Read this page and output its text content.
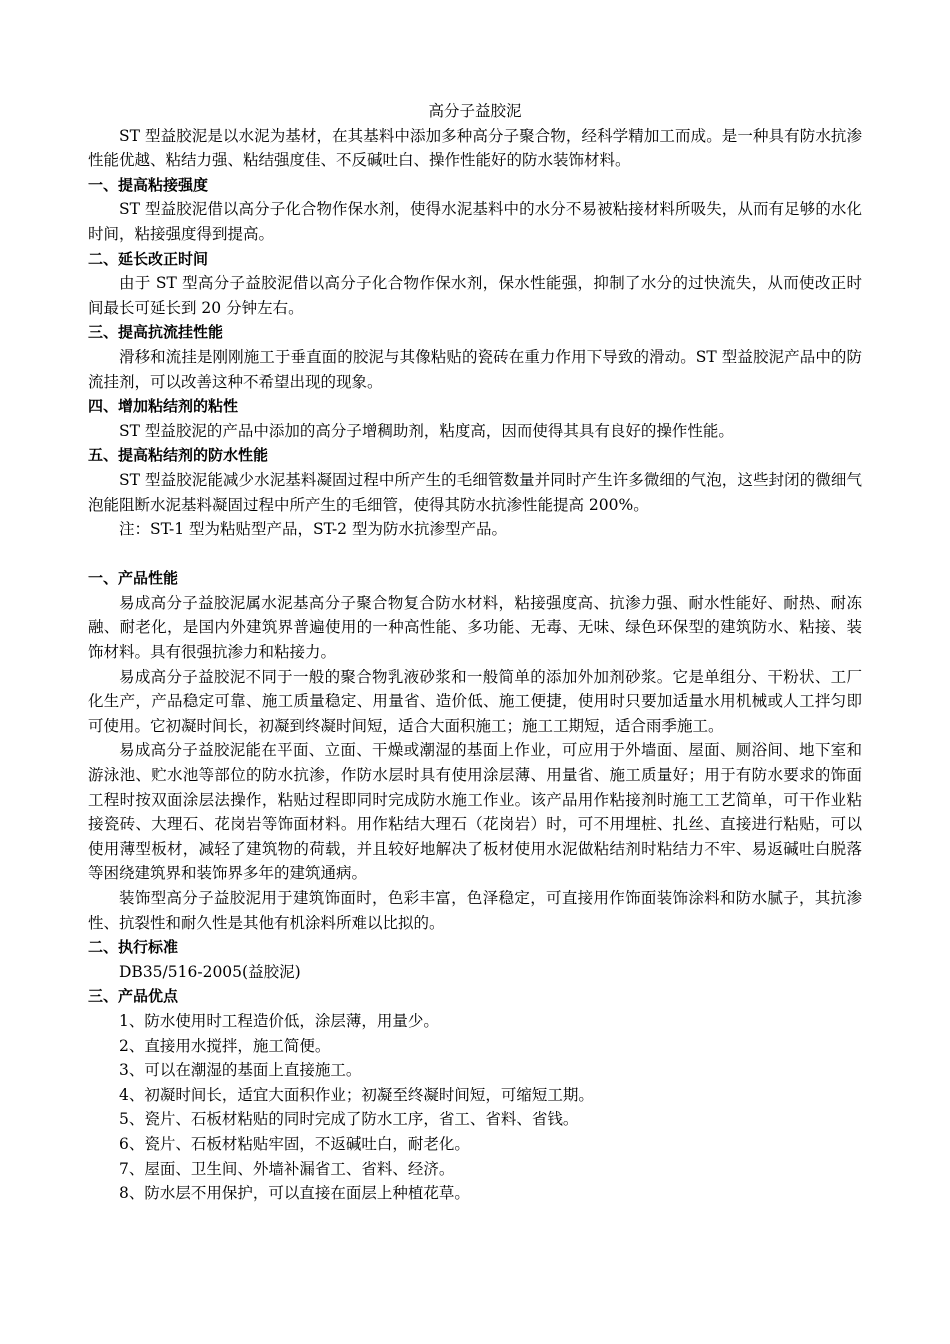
高分子益胶泥

ST 型益胶泥是以水泥为基材，在其基料中添加多种高分子聚合物，经科学精加工而成。是一种具有防水抗渗性能优越、粘结力强、粘结强度佳、不反碱吐白、操作性能好的防水装饰材料。

一、提高粘接强度

ST 型益胶泥借以高分子化合物作保水剂，使得水泥基料中的水分不易被粘接材料所吸失，从而有足够的水化时间，粘接强度得到提高。

二、延长改正时间

由于 ST 型高分子益胶泥借以高分子化合物作保水剂，保水性能强，抑制了水分的过快流失，从而使改正时间最长可延长到 20 分钟左右。

三、提高抗流挂性能

滑移和流挂是刚刚施工于垂直面的胶泥与其像粘贴的瓷砖在重力作用下导致的滑动。ST 型益胶泥产品中的防流挂剂，可以改善这种不希望出现的现象。

四、增加粘结剂的粘性

ST 型益胶泥的产品中添加的高分子增稠助剂，粘度高，因而使得其具有良好的操作性能。

五、提高粘结剂的防水性能

ST 型益胶泥能减少水泥基料凝固过程中所产生的毛细管数量并同时产生许多微细的气泡，这些封闭的微细气泡能阻断水泥基料凝固过程中所产生的毛细管，使得其防水抗渗性能提高 200%。

注：ST-1 型为粘贴型产品，ST-2 型为防水抗渗型产品。

一、产品性能

易成高分子益胶泥属水泥基高分子聚合物复合防水材料，粘接强度高、抗渗力强、耐水性能好、耐热、耐冻融、耐老化，是国内外建筑界普遍使用的一种高性能、多功能、无毒、无味、绿色环保型的建筑防水、粘接、装饰材料。具有很强抗渗力和粘接力。

易成高分子益胶泥不同于一般的聚合物乳液砂浆和一般简单的添加外加剂砂浆。它是单组分、干粉状、工厂化生产，产品稳定可靠、施工质量稳定、用量省、造价低、施工便捷，使用时只要加适量水用机械或人工拌匀即可使用。它初凝时间长，初凝到终凝时间短，适合大面积施工；施工工期短，适合雨季施工。

易成高分子益胶泥能在平面、立面、干燥或潮湿的基面上作业，可应用于外墙面、屋面、厕浴间、地下室和游泳池、贮水池等部位的防水抗渗，作防水层时具有使用涂层薄、用量省、施工质量好；用于有防水要求的饰面工程时按双面涂层法操作，粘贴过程即同时完成防水施工作业。该产品用作粘接剂时施工工艺简单，可干作业粘接瓷砖、大理石、花岗岩等饰面材料。用作粘结大理石（花岗岩）时，可不用埋桩、扎丝、直接进行粘贴，可以使用薄型板材，减轻了建筑物的荷载，并且较好地解决了板材使用水泥做粘结剂时粘结力不牢、易返碱吐白脱落等困绕建筑界和装饰界多年的建筑通病。

装饰型高分子益胶泥用于建筑饰面时，色彩丰富，色泽稳定，可直接用作饰面装饰涂料和防水腻子，其抗渗性、抗裂性和耐久性是其他有机涂料所难以比拟的。

二、执行标准

DB35/516-2005(益胶泥)

三、产品优点

1、防水使用时工程造价低，涂层薄，用量少。

2、直接用水搅拌，施工简便。

3、可以在潮湿的基面上直接施工。

4、初凝时间长，适宜大面积作业；初凝至终凝时间短，可缩短工期。

5、瓷片、石板材粘贴的同时完成了防水工序，省工、省料、省钱。

6、瓷片、石板材粘贴牢固，不返碱吐白，耐老化。

7、屋面、卫生间、外墙补漏省工、省料、经济。

8、防水层不用保护，可以直接在面层上种植花草。
